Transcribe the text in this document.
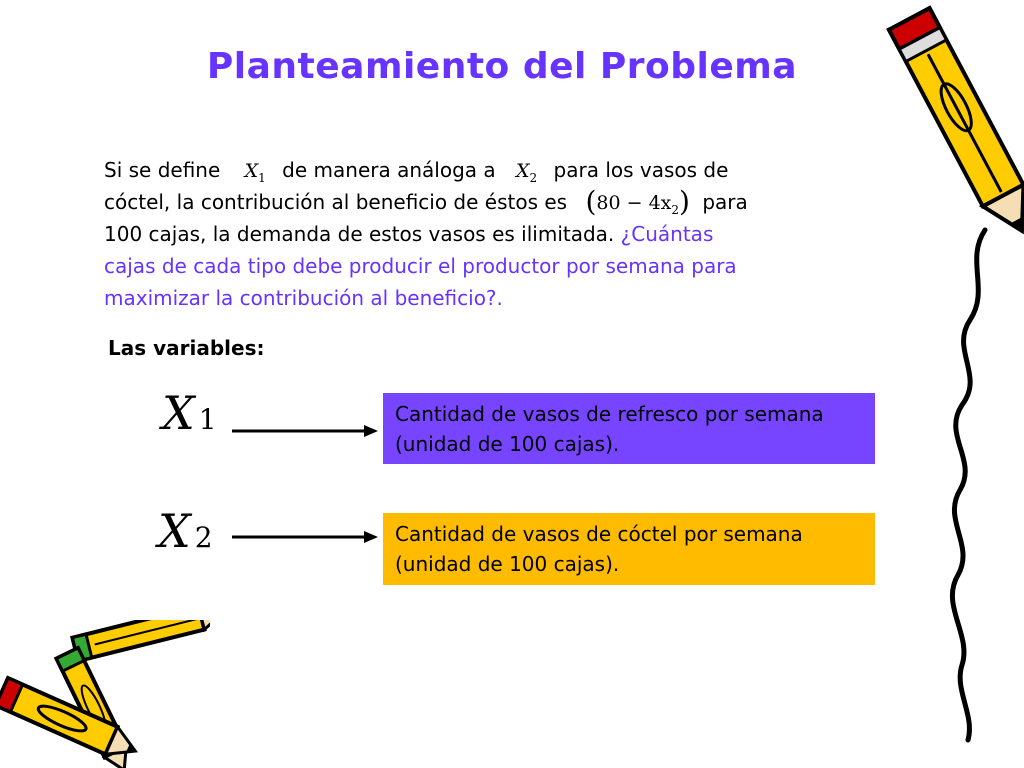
Planteamiento del Problema
Si se define $X_1$ de manera análoga a $X_2$ para los vasos de
cóctel, la contribución al beneficio de éstos es $(80 - 4x_2)$ para
100 cajas, la demanda de estos vasos es ilimitada. ¿Cuántas
cajas de cada tipo debe producir el productor por semana para
maximizar la contribución al beneficio?.
Las variables:
X 1	Cantidad de vasos de refresco por semana (unidad de 100 cajas).
X 2	Cantidad de vasos de cóctel por semana (unidad de 100 cajas).
